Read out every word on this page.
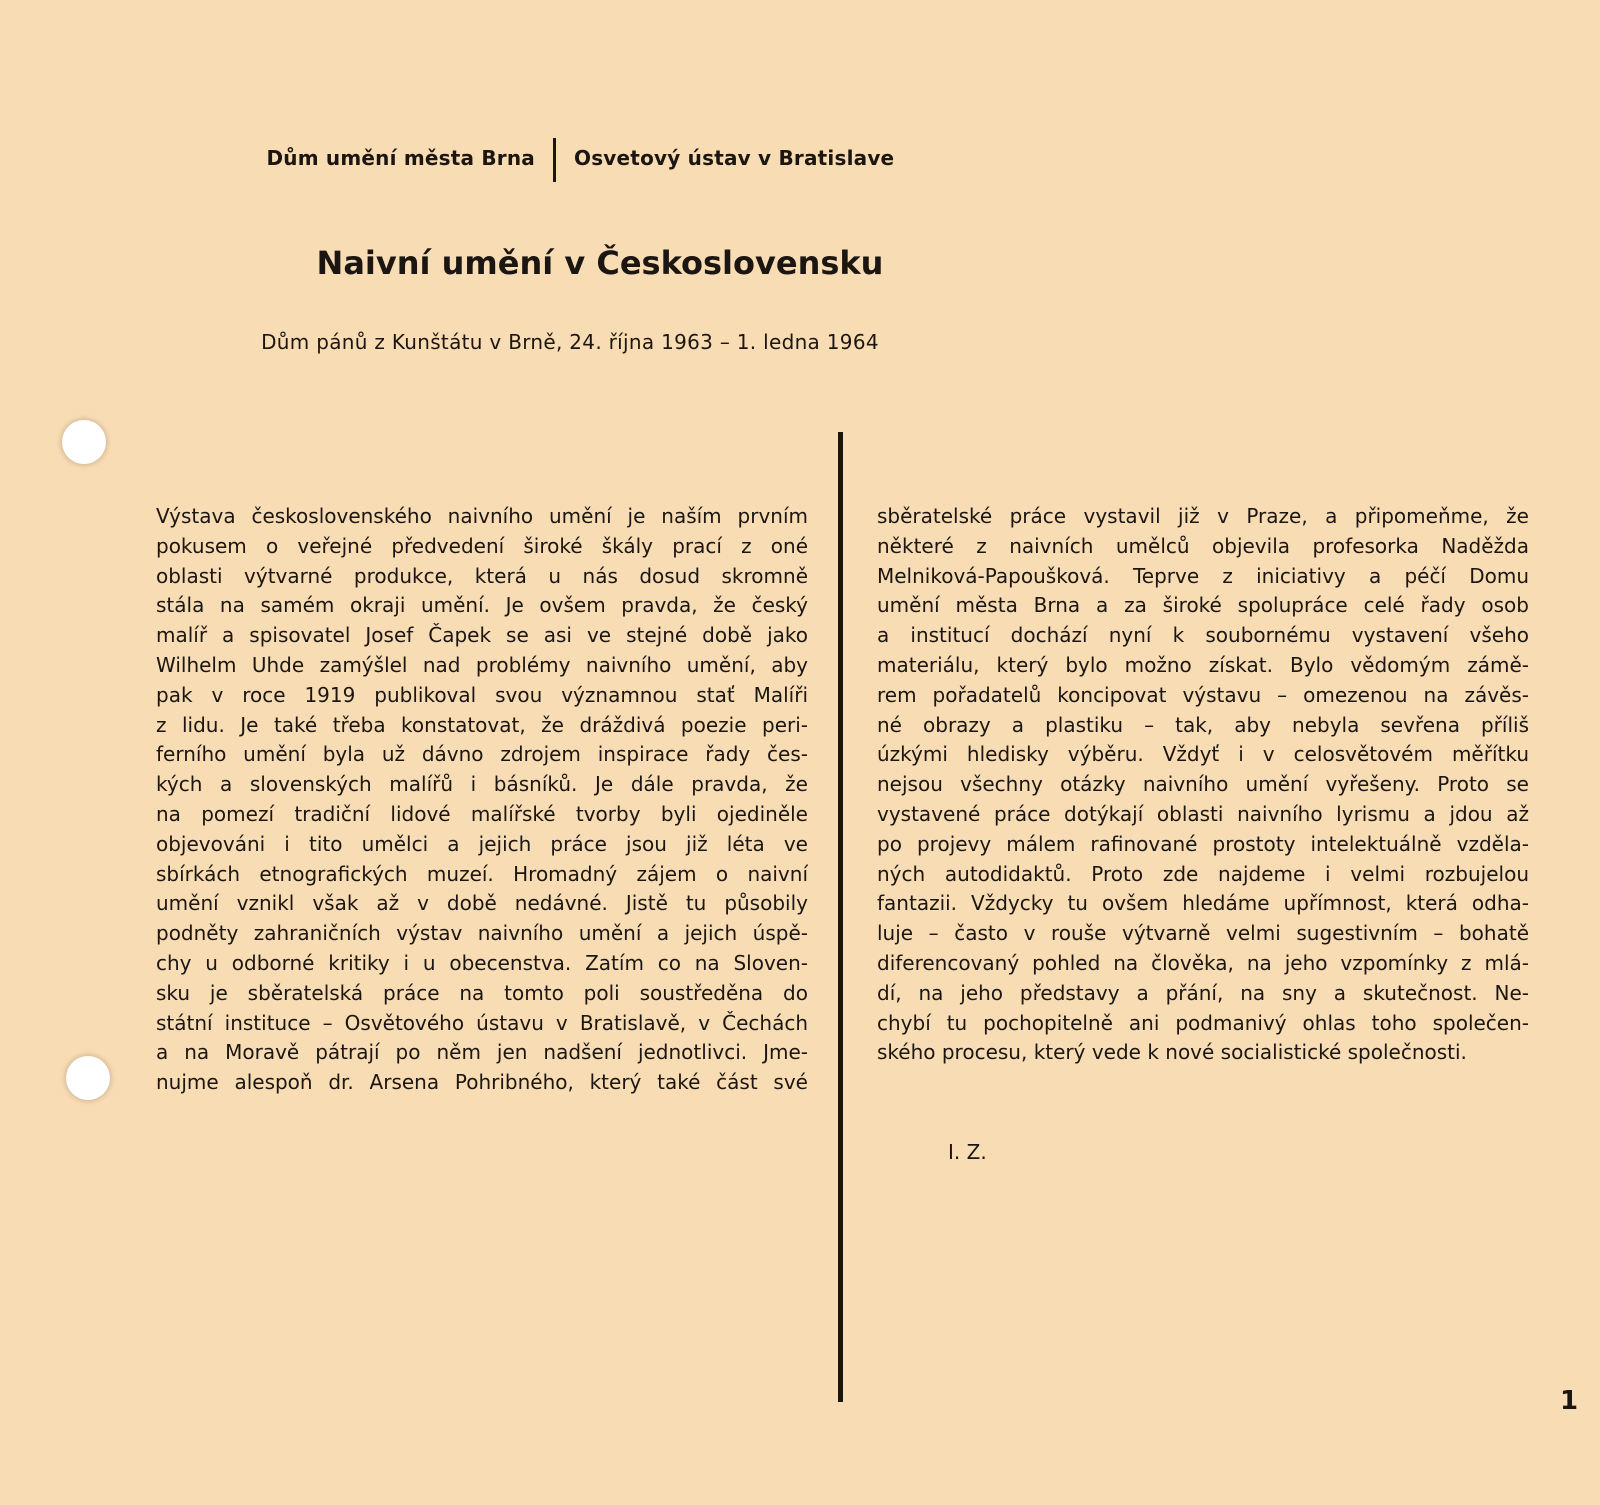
Dům umění města Brna Osvetový ústav v Bratislave
Naivní umění v Československu
Dům pánů z Kunštátu v Brně, 24. října 1963 – 1. ledna 1964
Výstava československého naivního umění je naším prvním
pokusem o veřejné předvedení široké škály prací z oné
oblasti výtvarné produkce, která u nás dosud skromně
stála na samém okraji umění. Je ovšem pravda, že český
malíř a spisovatel Josef Čapek se asi ve stejné době jako
Wilhelm Uhde zamýšlel nad problémy naivního umění, aby
pak v roce 1919 publikoval svou významnou stať Malíři
z lidu. Je také třeba konstatovat, že dráždivá poezie peri-
ferního umění byla už dávno zdrojem inspirace řady čes-
kých a slovenských malířů i básníků. Je dále pravda, že
na pomezí tradiční lidové malířské tvorby byli ojediněle
objevováni i tito umělci a jejich práce jsou již léta ve
sbírkách etnografických muzeí. Hromadný zájem o naivní
umění vznikl však až v době nedávné. Jistě tu působily
podněty zahraničních výstav naivního umění a jejich úspě-
chy u odborné kritiky i u obecenstva. Zatím co na Sloven-
sku je sběratelská práce na tomto poli soustředěna do
státní instituce – Osvětového ústavu v Bratislavě, v Čechách
a na Moravě pátrají po něm jen nadšení jednotlivci. Jme-
nujme alespoň dr. Arsena Pohribného, který také část své
sběratelské práce vystavil již v Praze, a připomeňme, že
některé z naivních umělců objevila profesorka Naděžda
Melniková-Papoušková. Teprve z iniciativy a péčí Domu
umění města Brna a za široké spolupráce celé řady osob
a institucí dochází nyní k soubornému vystavení všeho
materiálu, který bylo možno získat. Bylo vědomým zámě-
rem pořadatelů koncipovat výstavu – omezenou na závěs-
né obrazy a plastiku – tak, aby nebyla sevřena příliš
úzkými hledisky výběru. Vždyť i v celosvětovém měřítku
nejsou všechny otázky naivního umění vyřešeny. Proto se
vystavené práce dotýkají oblasti naivního lyrismu a jdou až
po projevy málem rafinované prostoty intelektuálně vzděla-
ných autodidaktů. Proto zde najdeme i velmi rozbujelou
fantazii. Vždycky tu ovšem hledáme upřímnost, která odha-
luje – často v rouše výtvarně velmi sugestivním – bohatě
diferencovaný pohled na člověka, na jeho vzpomínky z mlá-
dí, na jeho představy a přání, na sny a skutečnost. Ne-
chybí tu pochopitelně ani podmanivý ohlas toho společen-
ského procesu, který vede k nové socialistické společnosti.
I. Z.
1
